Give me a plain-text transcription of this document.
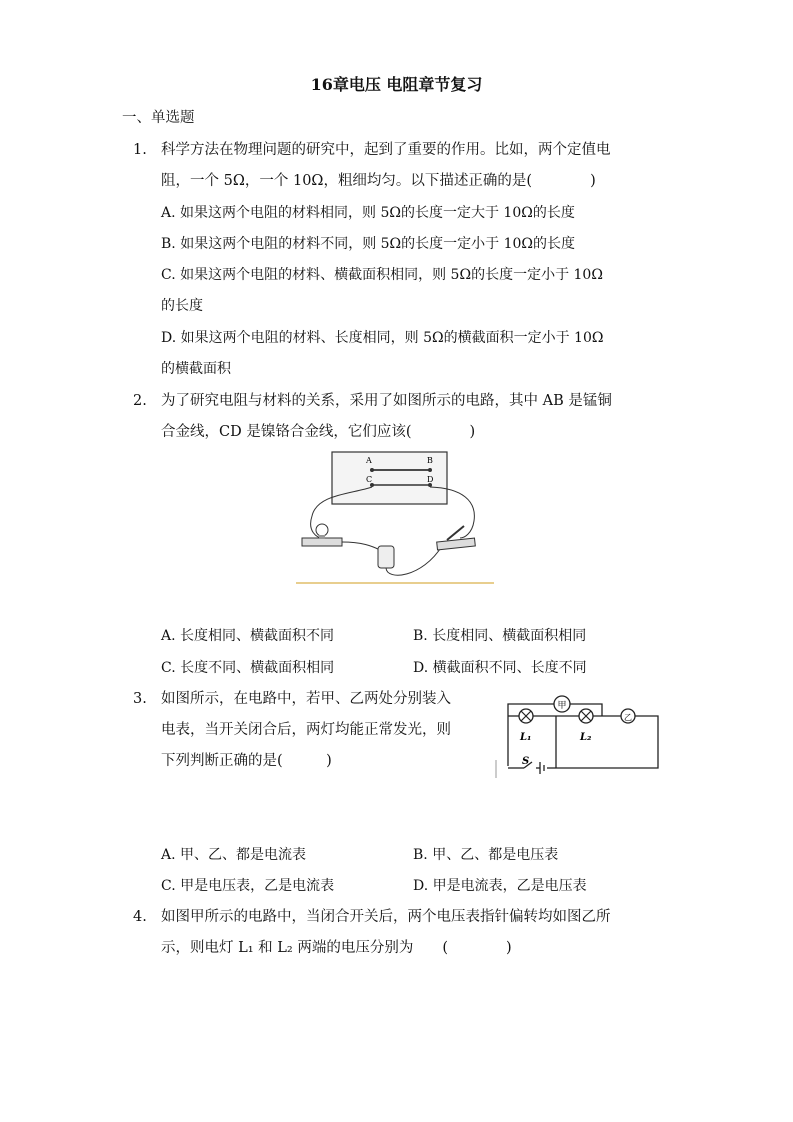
16章电压 电阻章节复习
一、单选题
1. 科学方法在物理问题的研究中，起到了重要的作用。比如，两个定值电
阻，一个 5Ω，一个 10Ω，粗细均匀。以下描述正确的是(　　　　)
A. 如果这两个电阻的材料相同，则 5Ω的长度一定大于 10Ω的长度
B. 如果这两个电阻的材料不同，则 5Ω的长度一定小于 10Ω的长度
C. 如果这两个电阻的材料、横截面积相同，则 5Ω的长度一定小于 10Ω
的长度
D. 如果这两个电阻的材料、长度相同，则 5Ω的横截面积一定小于 10Ω
的横截面积
2. 为了研究电阻与材料的关系，采用了如图所示的电路，其中 AB 是锰铜
合金线，CD 是镍铬合金线，它们应该(　　　　)
A	B
C	D
A. 长度相同、横截面积不同	B. 长度相同、横截面积相同
C. 长度不同、横截面积相同	D. 横截面积不同、长度不同
3. 如图所示，在电路中，若甲、乙两处分别装入
电表，当开关闭合后，两灯均能正常发光，则
下列判断正确的是(　　　)
甲
乙
L₁	L₂
S
A. 甲、乙、都是电流表	B. 甲、乙、都是电压表
C. 甲是电压表，乙是电流表	D. 甲是电流表，乙是电压表
4. 如图甲所示的电路中，当闭合开关后，两个电压表指针偏转均如图乙所
示，则电灯 L₁ 和 L₂ 两端的电压分别为　　(　　　　)
